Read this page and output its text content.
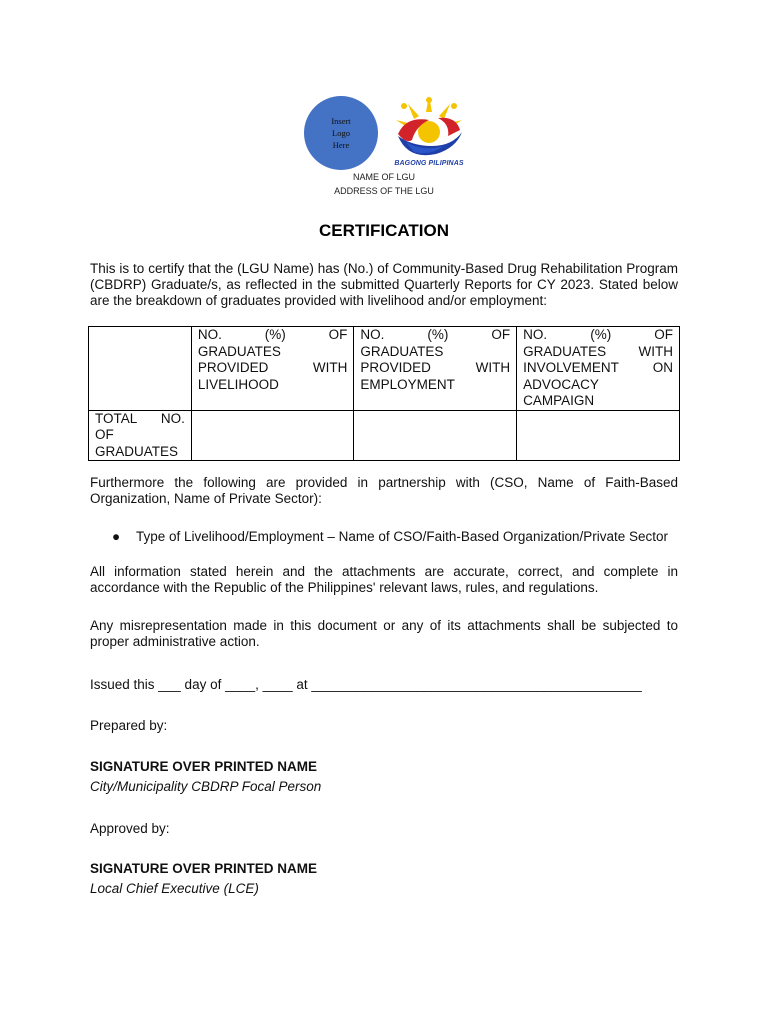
Insert Logo Here
BAGONG PILIPINAS
NAME OF LGU
ADDRESS OF THE LGU
CERTIFICATION
This is to certify that the (LGU Name) has (No.) of Community-Based Drug Rehabilitation Program (CBDRP) Graduate/s, as reflected in the submitted Quarterly Reports for CY 2023. Stated below are the breakdown of graduates provided with livelihood and/or employment:

	NO. (%) OF GRADUATES PROVIDED WITH LIVELIHOOD	NO. (%) OF GRADUATES PROVIDED WITH EMPLOYMENT	NO. (%) OF GRADUATES WITH INVOLVEMENT ON ADVOCACY CAMPAIGN

TOTAL NO. OF GRADUATES			

Furthermore the following are provided in partnership with (CSO, Name of Faith-Based Organization, Name of Private Sector):
● Type of Livelihood/Employment – Name of CSO/Faith-Based Organization/Private Sector
All information stated herein and the attachments are accurate, correct, and complete in accordance with the Republic of the Philippines' relevant laws, rules, and regulations.
Any misrepresentation made in this document or any of its attachments shall be subjected to proper administrative action.
Issued this ___ day of ____, ____ at ____________________________________________
Prepared by:
SIGNATURE OVER PRINTED NAME
City/Municipality CBDRP Focal Person
Approved by:
SIGNATURE OVER PRINTED NAME
Local Chief Executive (LCE)
